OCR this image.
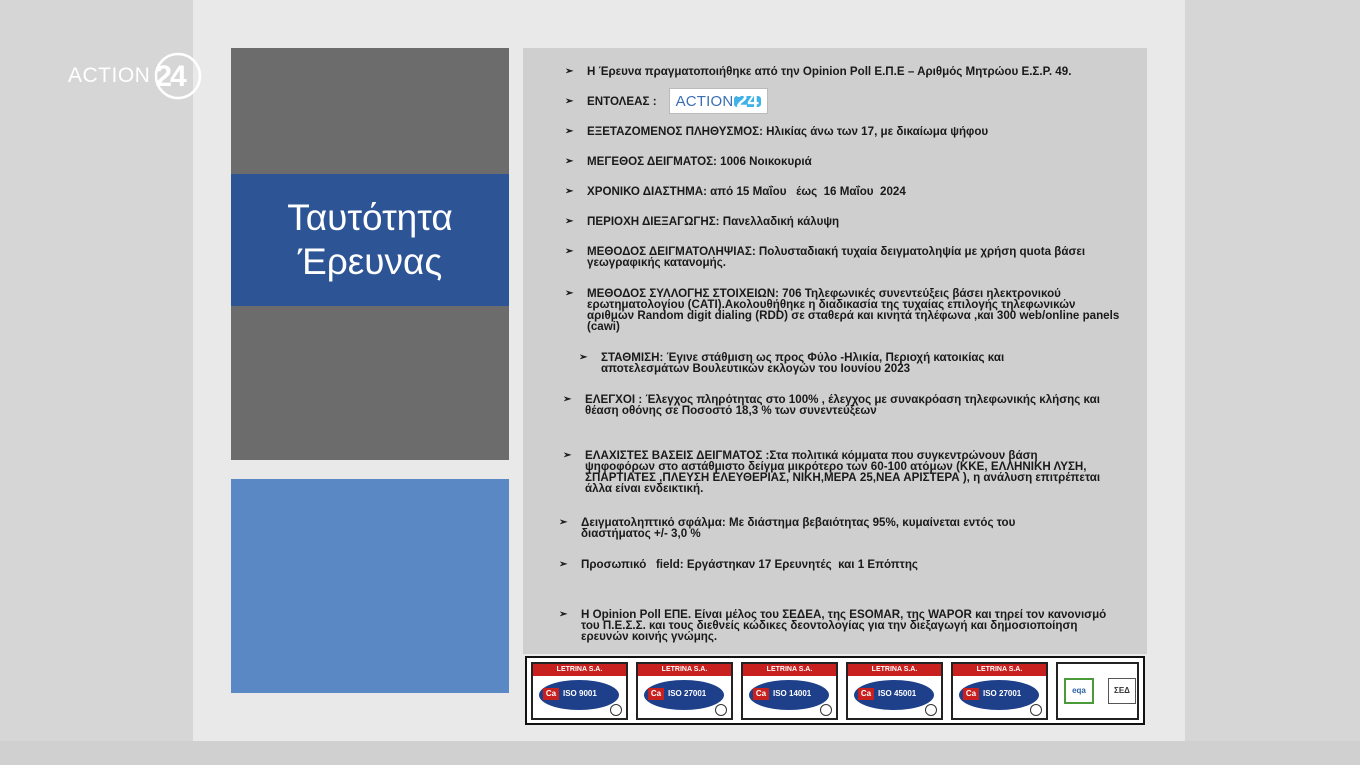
ACTION 24
Ταυτότητα
Έρευνας
➢	Η Έρευνα πραγματοποιήθηκε από την Opinion Poll Ε.Π.Ε – Αριθμός Μητρώου Ε.Σ.Ρ. 49.
➢	ΕΝΤΟΛΕΑΣ : ACTION 24
➢	ΕΞΕΤΑΖΟΜΕΝΟΣ ΠΛΗΘΥΣΜΟΣ: Ηλικίας άνω των 17, με δικαίωμα ψήφου
➢	ΜΕΓΕΘΟΣ ΔΕΙΓΜΑΤΟΣ: 1006 Νοικοκυριά
➢	ΧΡΟΝΙΚΟ ΔΙΑΣΤΗΜΑ: από 15 Μαΐου   έως  16 Μαΐου  2024
➢	ΠΕΡΙΟΧΗ ΔΙΕΞΑΓΩΓΗΣ: Πανελλαδική κάλυψη
➢	ΜΕΘΟΔΟΣ ΔΕΙΓΜΑΤΟΛΗΨΙΑΣ: Πολυσταδιακή τυχαία δειγματοληψία με χρήση quota βάσει γεωγραφικής κατανομής.
➢	ΜΕΘΟΔΟΣ ΣΥΛΛΟΓΗΣ ΣΤΟΙΧΕΙΩΝ: 706 Τηλεφωνικές συνεντεύξεις βάσει ηλεκτρονικού ερωτηματολογίου (CATI).Ακολουθήθηκε η διαδικασία της τυχαίας επιλογής τηλεφωνικών αριθμών Random digit dialing (RDD) σε σταθερά και κινητά τηλέφωνα ,και 300 web/online panels (cawi)
➢	ΣΤΑΘΜΙΣΗ: Έγινε στάθμιση ως προς Φύλο -Ηλικία, Περιοχή κατοικίας και αποτελεσμάτων Βουλευτικών εκλογών του Ιουνίου 2023
➢	ΕΛΕΓΧΟΙ : Έλεγχος πληρότητας στο 100% , έλεγχος με συνακρόαση τηλεφωνικής κλήσης και θέαση οθόνης σε Ποσοστό 18,3 % των συνεντεύξεων
➢	ΕΛΑΧΙΣΤΕΣ ΒΑΣΕΙΣ ΔΕΙΓΜΑΤΟΣ :Στα πολιτικά κόμματα που συγκεντρώνουν βάση ψηφοφόρων στο αστάθμιστο δείγμα μικρότερο των 60-100 ατόμων (ΚΚΕ, ΕΛΛΗΝΙΚΗ ΛΥΣΗ, ΣΠΑΡΤΙΑΤΕΣ ,ΠΛΕΥΣΗ ΕΛΕΥΘΕΡΙΑΣ, ΝΙΚΗ,ΜΕΡΑ 25,ΝΕΑ ΑΡΙΣΤΕΡΑ ), η ανάλυση επιτρέπεται άλλα είναι ενδεικτική.
➢	Δειγματοληπτικό σφάλμα: Με διάστημα βεβαιότητας 95%, κυμαίνεται εντός του διαστήματος +/- 3,0 %
➢	Προσωπικό   field: Εργάστηκαν 17 Ερευνητές  και 1 Επόπτης
➢	Η Opinion Poll ΕΠΕ. Είναι μέλος του ΣΕΔΕΑ, της ESOMAR, της WAPOR και τηρεί τον κανονισμό του Π.Ε.Σ.Σ. και τους διεθνείς κώδικες δεοντολογίας για την διεξαγωγή και δημοσιοποίηση ερευνών κοινής γνώμης.
LETRINA S.A.
Ca ISO 9001
LETRINA S.A.
Ca ISO 27001
LETRINA S.A.
Ca ISO 14001
LETRINA S.A.
Ca ISO 45001
LETRINA S.A.
Ca ISO 27001	eqa	ΣΕΔ
